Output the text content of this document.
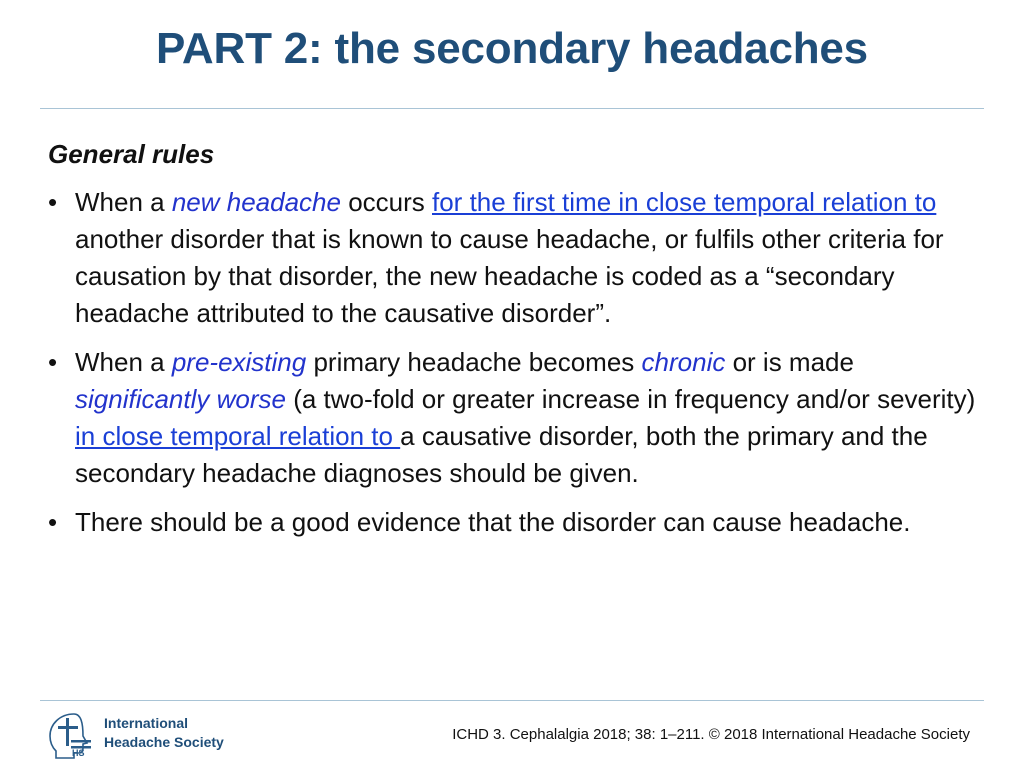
PART 2: the secondary headaches
General rules
• When a new headache occurs for the first time in close temporal relation to another disorder that is known to cause headache, or fulfils other criteria for causation by that disorder, the new headache is coded as a “secondary headache attributed to the causative disorder”.
• When a pre-existing primary headache becomes chronic or is made significantly worse (a two-fold or greater increase in frequency and/or severity) in close temporal relation to a causative disorder, both the primary and the secondary headache diagnoses should be given.
• There should be a good evidence that the disorder can cause headache.
HS
International
Headache Society	ICHD 3. Cephalalgia 2018; 38: 1–211. © 2018 International Headache Society
